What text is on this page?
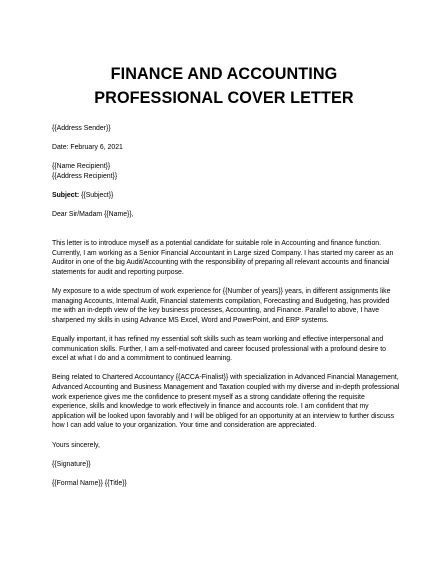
FINANCE AND ACCOUNTING
PROFESSIONAL COVER LETTER

{{Address Sender}}

Date: February 6, 2021

{{Name Recipient}}

{{Address Recipient}}

Subject: {{Subject}}

Dear Sir/Madam {{Name}},

This letter is to introduce myself as a potential candidate for suitable role in Accounting and finance function. Currently, I am working as a Senior Financial Accountant in Large sized Company. I has started my career as an Auditor in one of the big Audit/Accounting with the responsibility of preparing all relevant accounts and financial statements for audit and reporting purpose.

My exposure to a wide spectrum of work experience for {{Number of years}} years, in different assignments like managing Accounts, Internal Audit, Financial statements compilation, Forecasting and Budgeting, has provided me with an in-depth view of the key business processes, Accounting, and Finance. Parallel to above, I have sharpened my skills in using Advance MS Excel, Word and PowerPoint, and ERP systems.

Equally important, it has refined my essential soft skills such as team working and effective interpersonal and communication skills. Further, I am a self-motivated and career focused professional with a profound desire to excel at what I do and a commitment to continued learning.

Being related to Chartered Accountancy {{ACCA-Finalist}} with specialization in Advanced Financial Management, Advanced Accounting and Business Management and Taxation coupled with my diverse and in-depth professional work experience gives me the confidence to present myself as a strong candidate offering the requisite experience, skills and knowledge to work effectively in finance and accounts role. I am confident that my application will be looked upon favorably and I will be obliged for an opportunity at an interview to further discuss how I can add value to your organization. Your time and consideration are appreciated.

Yours sincerely,

{{Signature}}

{{Formal Name}} {{Title}}
